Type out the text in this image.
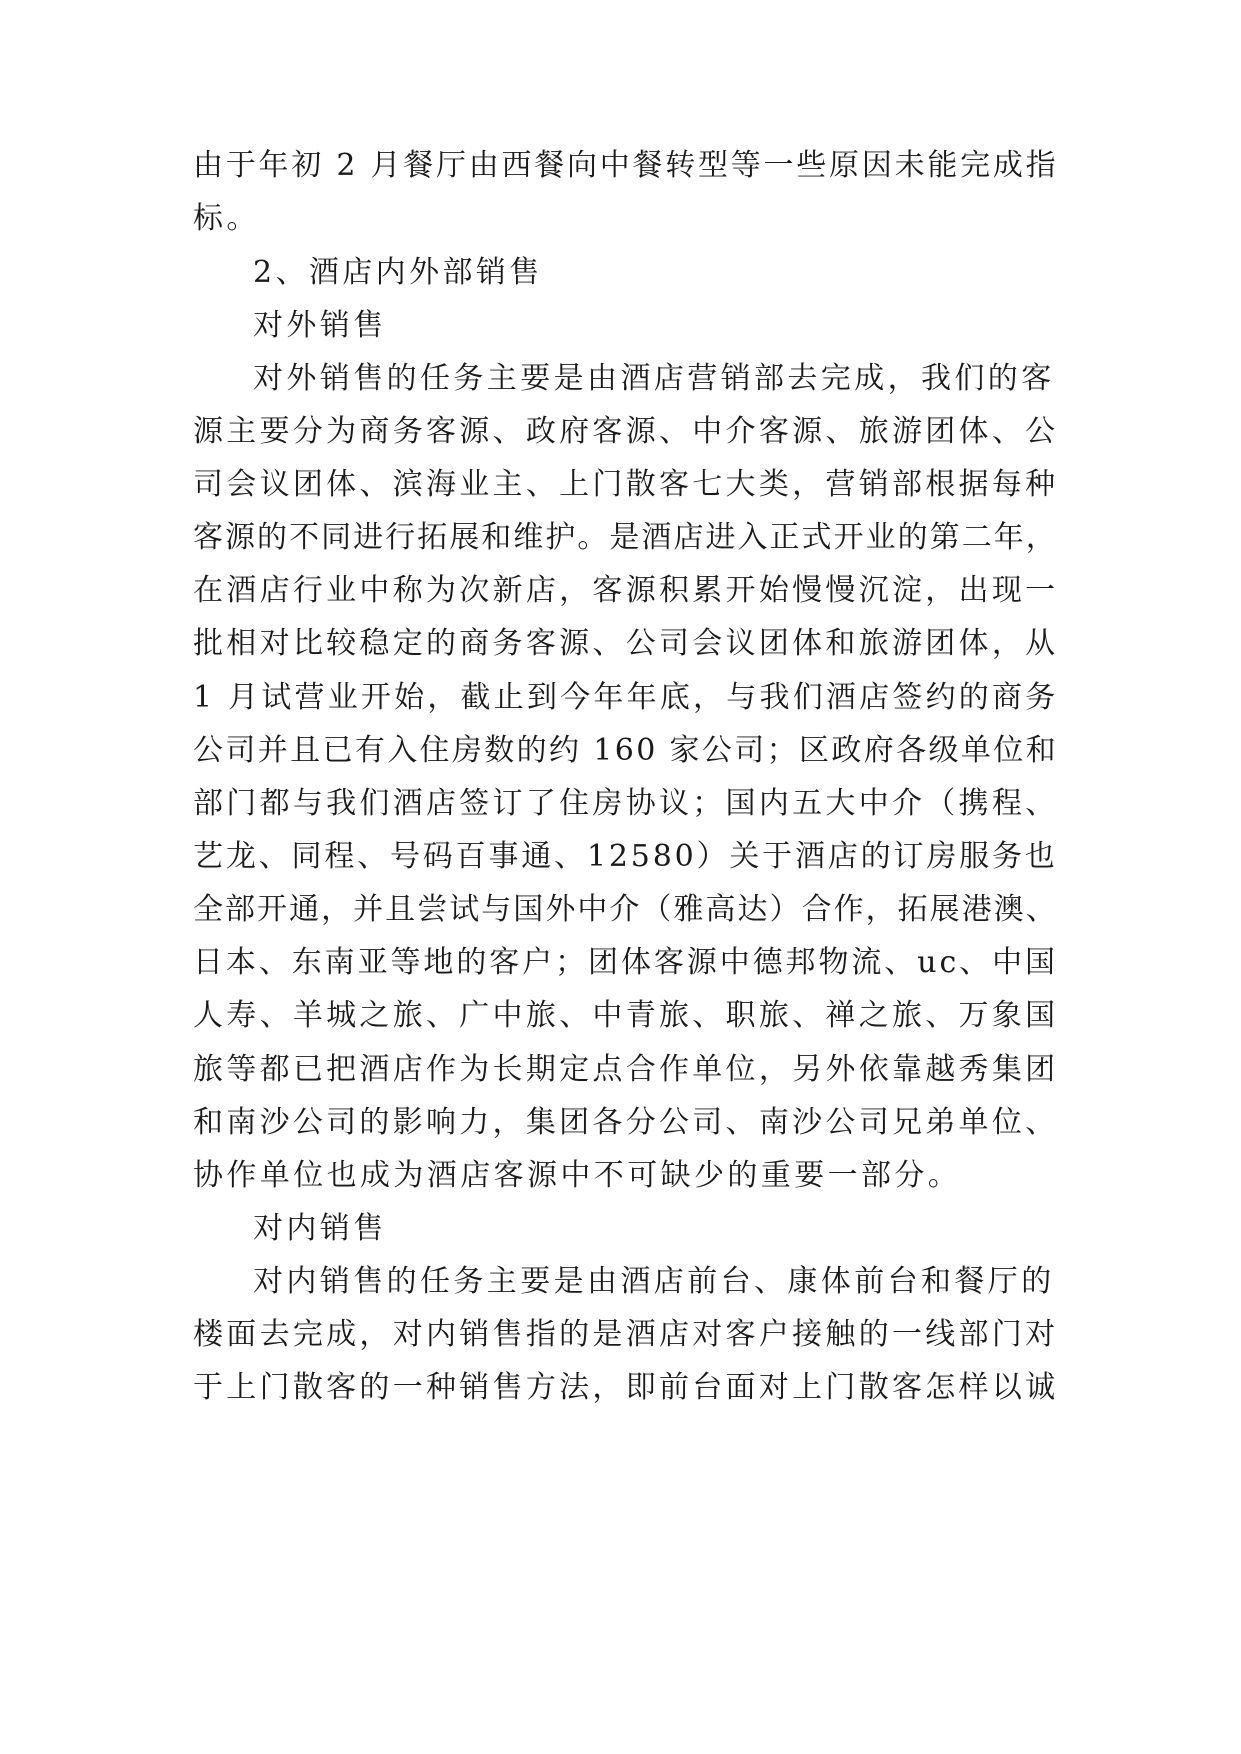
由于年初 2 月餐厅由西餐向中餐转型等一些原因未能完成指
标。
2、酒店内外部销售
对外销售
对外销售的任务主要是由酒店营销部去完成，我们的客
源主要分为商务客源、政府客源、中介客源、旅游团体、公
司会议团体、滨海业主、上门散客七大类，营销部根据每种
客源的不同进行拓展和维护。是酒店进入正式开业的第二年，
在酒店行业中称为次新店，客源积累开始慢慢沉淀，出现一
批相对比较稳定的商务客源、公司会议团体和旅游团体，从
1 月试营业开始，截止到今年年底，与我们酒店签约的商务
公司并且已有入住房数的约 160 家公司；区政府各级单位和
部门都与我们酒店签订了住房协议；国内五大中介（携程、
艺龙、同程、号码百事通、12580）关于酒店的订房服务也
全部开通，并且尝试与国外中介（雅高达）合作，拓展港澳、
日本、东南亚等地的客户；团体客源中德邦物流、uc、中国
人寿、羊城之旅、广中旅、中青旅、职旅、禅之旅、万象国
旅等都已把酒店作为长期定点合作单位，另外依靠越秀集团
和南沙公司的影响力，集团各分公司、南沙公司兄弟单位、
协作单位也成为酒店客源中不可缺少的重要一部分。
对内销售
对内销售的任务主要是由酒店前台、康体前台和餐厅的
楼面去完成，对内销售指的是酒店对客户接触的一线部门对
于上门散客的一种销售方法，即前台面对上门散客怎样以诚
